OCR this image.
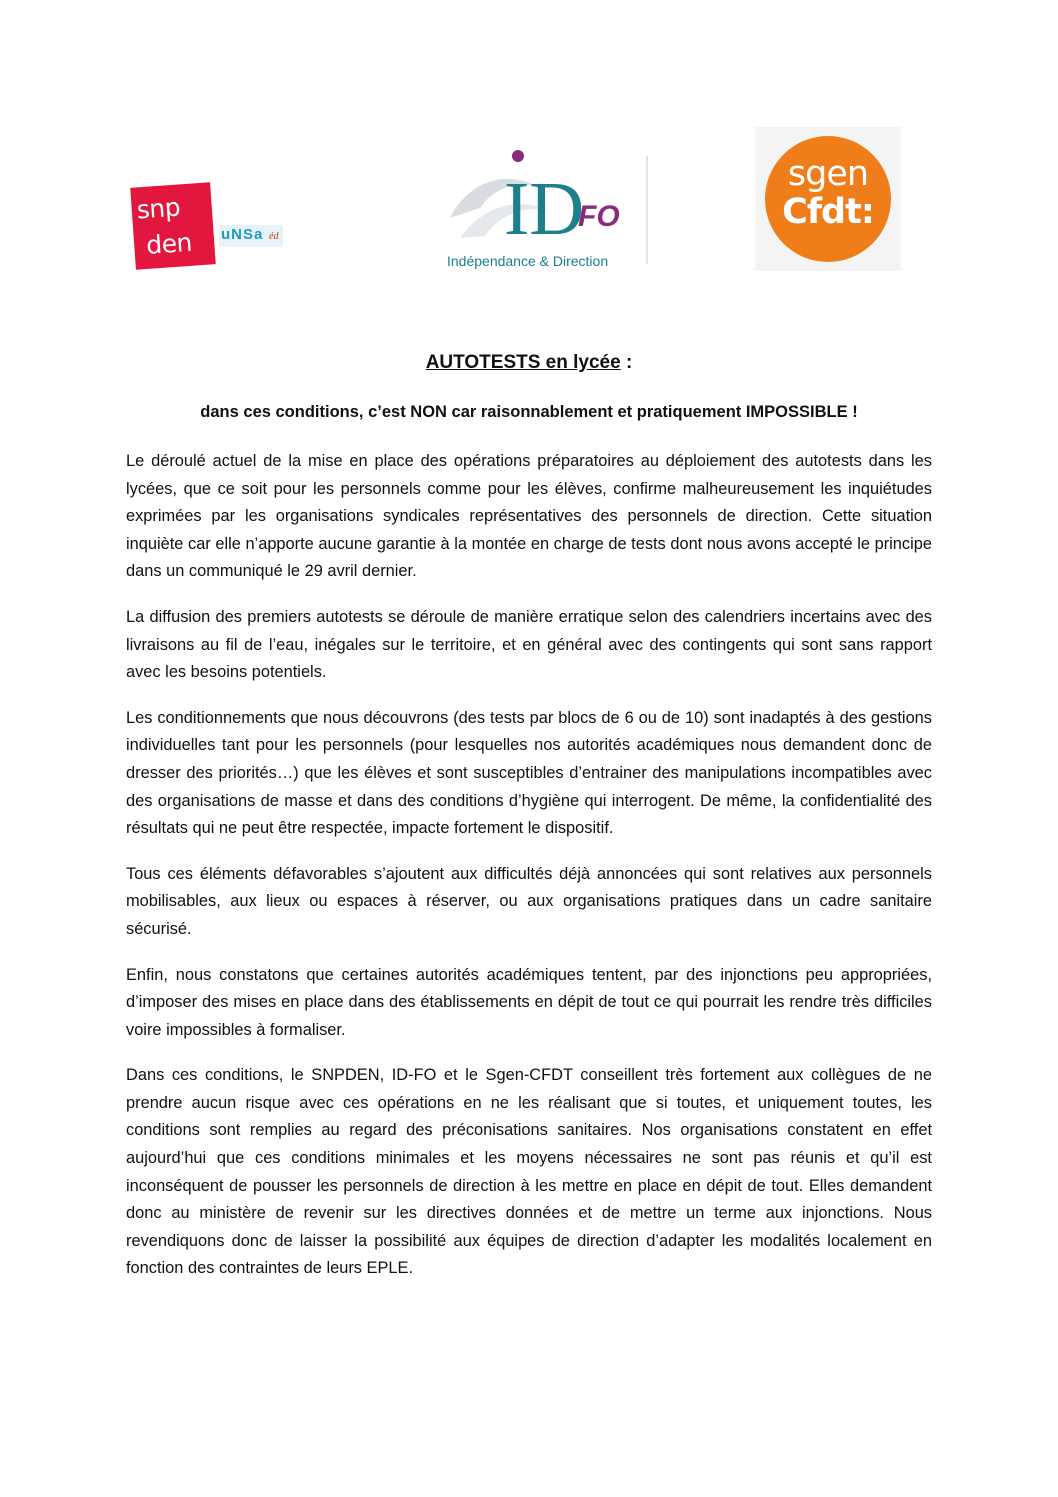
snp
den uNSa éd	ID
FO
Indépendance & Direction
sgen
Cfdt:
AUTOTESTS en lycée :
dans ces conditions, c’est NON car raisonnablement et pratiquement IMPOSSIBLE !

Le déroulé actuel de la mise en place des opérations préparatoires au déploiement des autotests dans les lycées, que ce soit pour les personnels comme pour les élèves, confirme malheureusement les inquiétudes exprimées par les organisations syndicales représentatives des personnels de direction. Cette situation inquiète car elle n’apporte aucune garantie à la montée en charge de tests dont nous avons accepté le principe dans un communiqué le 29 avril dernier.

La diffusion des premiers autotests se déroule de manière erratique selon des calendriers incertains avec des livraisons au fil de l’eau, inégales sur le territoire, et en général avec des contingents qui sont sans rapport avec les besoins potentiels.

Les conditionnements que nous découvrons (des tests par blocs de 6 ou de 10) sont inadaptés à des gestions individuelles tant pour les personnels (pour lesquelles nos autorités académiques nous demandent donc de dresser des priorités…) que les élèves et sont susceptibles d’entrainer des manipulations incompatibles avec des organisations de masse et dans des conditions d’hygiène qui interrogent. De même, la confidentialité des résultats qui ne peut être respectée, impacte fortement le dispositif.

Tous ces éléments défavorables s’ajoutent aux difficultés déjà annoncées qui sont relatives aux personnels mobilisables, aux lieux ou espaces à réserver, ou aux organisations pratiques dans un cadre sanitaire sécurisé.

Enfin, nous constatons que certaines autorités académiques tentent, par des injonctions peu appropriées, d’imposer des mises en place dans des établissements en dépit de tout ce qui pourrait les rendre très difficiles voire impossibles à formaliser.

Dans ces conditions, le SNPDEN, ID-FO et le Sgen-CFDT conseillent très fortement aux collègues de ne prendre aucun risque avec ces opérations en ne les réalisant que si toutes, et uniquement toutes, les conditions sont remplies au regard des préconisations sanitaires. Nos organisations constatent en effet aujourd’hui que ces conditions minimales et les moyens nécessaires ne sont pas réunis et qu’il est inconséquent de pousser les personnels de direction à les mettre en place en dépit de tout. Elles demandent donc au ministère de revenir sur les directives données et de mettre un terme aux injonctions. Nous revendiquons donc de laisser la possibilité aux équipes de direction d’adapter les modalités localement en fonction des contraintes de leurs EPLE.
